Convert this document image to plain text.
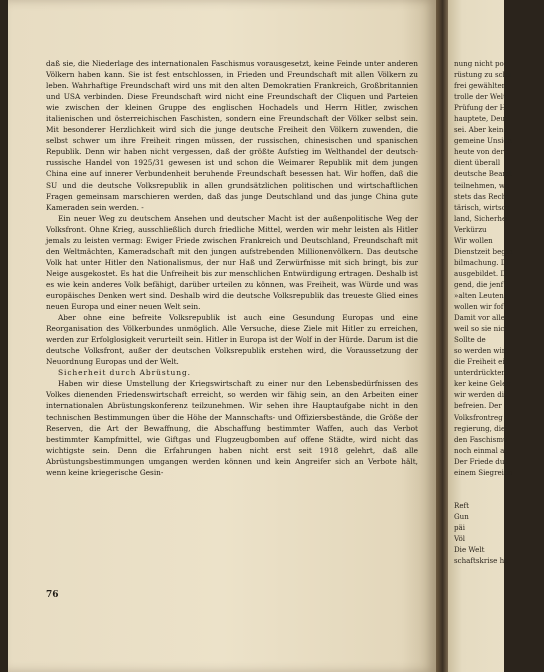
daß sie, die Niederlage des internationalen Faschismus vorausgesetzt, keine Feinde unter anderen Völkern haben kann. Sie ist fest entschlossen, in Frieden und Freundschaft mit allen Völkern zu leben. Wahrhaftige Freundschaft wird uns mit den alten Demokratien Frankreich, Großbritannien und USA verbinden. Diese Freundschaft wird nicht eine Freundschaft der Cliquen und Parteien wie zwischen der kleinen Gruppe des englischen Hochadels und Herrn Hitler, zwischen italienischen und österreichischen Faschisten, sondern eine Freundschaft der Völker selbst sein. Mit besonderer Herzlichkeit wird sich die junge deutsche Freiheit den Völkern zuwenden, die selbst schwer um ihre Freiheit ringen müssen, der russischen, chinesischen und spanischen Republik. Denn wir haben nicht vergessen, daß der größte Aufstieg im Welthandel der deutsch-russische Handel von 1925/31 gewesen ist und schon die Weimarer Republik mit dem jungen China eine auf innerer Verbundenheit beruhende Freundschaft besessen hat. Wir hoffen, daß die SU und die deutsche Volksrepublik in allen grundsätzlichen politischen und wirtschaftlichen Fragen gemeinsam marschieren werden, daß das junge Deutschland und das junge China gute Kameraden sein werden. -

Ein neuer Weg zu deutschem Ansehen und deutscher Macht ist der außenpolitische Weg der Volksfront. Ohne Krieg, ausschließlich durch friedliche Mittel, werden wir mehr leisten als Hitler jemals zu leisten vermag: Ewiger Friede zwischen Frankreich und Deutschland, Freundschaft mit den Weltmächten, Kameradschaft mit den jungen aufstrebenden Millionenvölkern. Das deutsche Volk hat unter Hitler den Nationalismus, der nur Haß und Zerwürfnisse mit sich bringt, bis zur Neige ausgekostet. Es hat die Unfreiheit bis zur menschlichen Entwürdigung ertragen. Deshalb ist es wie kein anderes Volk befähigt, darüber urteilen zu können, was Freiheit, was Würde und was europäisches Denken wert sind. Deshalb wird die deutsche Volksrepublik das treueste Glied eines neuen Europa und einer neuen Welt sein.

Aber ohne eine befreite Volksrepublik ist auch eine Gesundung Europas und eine Reorganisation des Völkerbundes unmöglich. Alle Versuche, diese Ziele mit Hitler zu erreichen, werden zur Erfolglosigkeit verurteilt sein. Hitler in Europa ist der Wolf in der Hürde. Darum ist die deutsche Volksfront, außer der deutschen Volksrepublik erstehen wird, die Voraussetzung der Neuordnung Europas und der Welt.

Sicherheit durch Abrüstung.

Haben wir diese Umstellung der Kriegswirtschaft zu einer nur den Lebensbedürfnissen des Volkes dienenden Friedenswirtschaft erreicht, so werden wir fähig sein, an den Arbeiten einer internationalen Abrüstungskonferenz teilzunehmen. Wir sehen ihre Hauptaufgabe nicht in den technischen Bestimmungen über die Höhe der Mannschafts- und Offiziersbestände, die Größe der Reserven, die Art der Bewaffnung, die Abschaffung bestimmter Waffen, auch das Verbot bestimmter Kampfmittel, wie Giftgas und Flugzeugbomben auf offene Städte, wird nicht das wichtigste sein. Denn die Erfahrungen haben nicht erst seit 1918 gelehrt, daß alle Abrüstungsbestimmungen umgangen werden können und kein Angreifer sich an Verbote hält, wenn keine kriegerische Gesin-

76
nung nicht po
rüstung zu scha
frei gewählten
trolle der Welt
Prüfung der H
hauptete, Deutl
sei. Aber keine
gemeine Unsich
heute von der
dient überall
deutsche Beamt
teilnehmen, we
stets das Recht
tärisch, wirtsch
land, Sicherhei
Verkürzu
Wir wollen
Dienstzeit begin
bilmachung. Di
ausgebildet. D
gend, die jenf
»alten Leuten«
wollen wir fof
Damit vor alle
weil so sie nic
Sollte de
so werden wir
die Freiheit ei
unterdrückten.
ker keine Geleg
wir werden di
befreien. Der
Volksfrontreg
regierung, die
den Faschismu
noch einmal a
Der Friede du
einem Siegreich
Reft
Gun
päi
Völ
Die Welt
schaftskrise ha
